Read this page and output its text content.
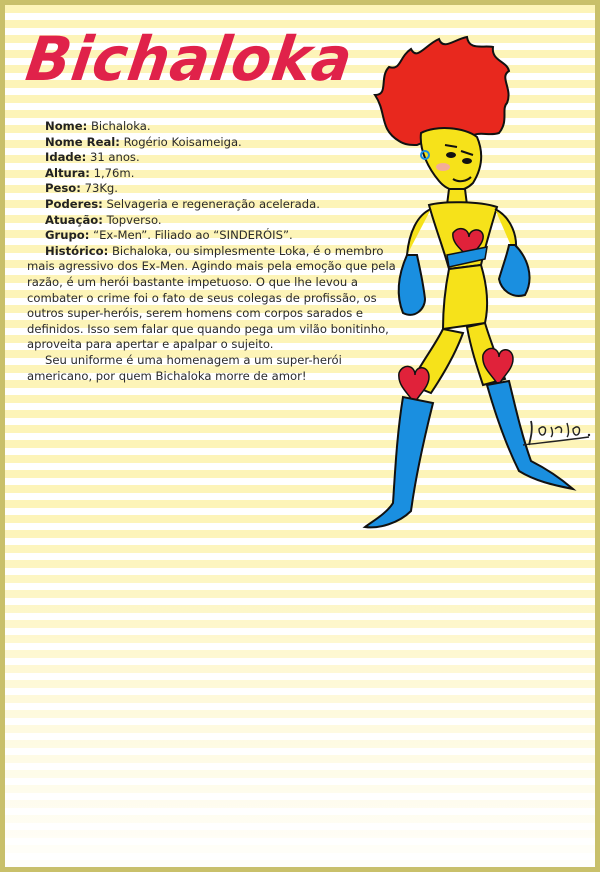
Bichaloka

Nome: Bichaloka.

Nome Real: Rogério Koisameiga.

Idade: 31 anos.

Altura: 1,76m.

Peso: 73Kg.

Poderes: Selvageria e regeneração acelerada.

Atuação: Topverso.

Grupo: “Ex-Men”. Filiado ao “SINDERÓIS”.

Histórico: Bichaloka, ou simplesmente Loka, é o membro mais agressivo dos Ex-Men. Agindo mais pela emoção que pela razão, é um herói bastante impetuoso. O que lhe levou a combater o crime foi o fato de seus colegas de profissão, os outros super-heróis, serem homens com corpos sarados e definidos. Isso sem falar que quando pega um vilão bonitinho, aproveita para apertar e apalpar o sujeito.

Seu uniforme é uma homenagem a um super-herói americano, por quem Bichaloka morre de amor!
